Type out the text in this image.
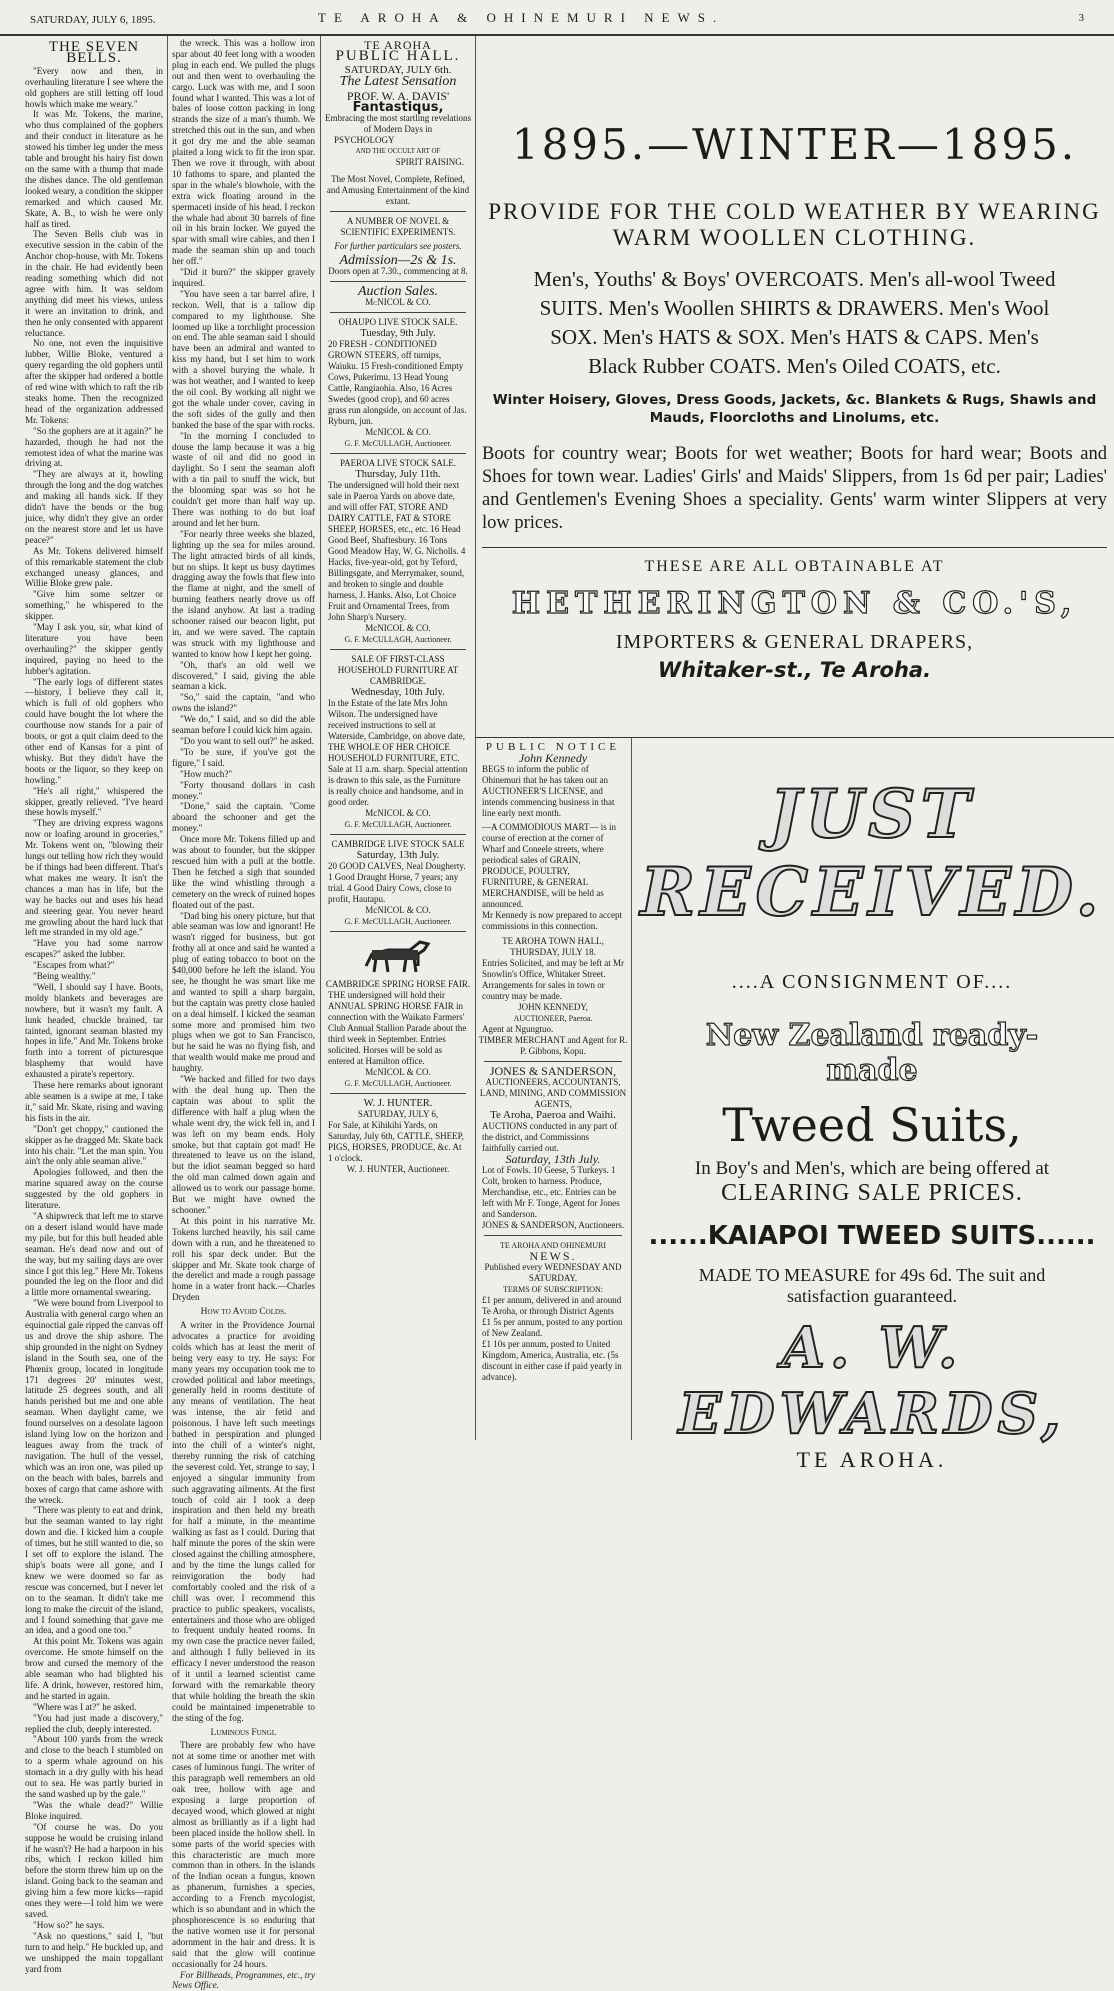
SATURDAY, JULY 6, 1895.	TE AROHA & OHINEMURI NEWS.	3
THE SEVEN BELLS.

"Every now and then, in overhauling literature I see where the old gophers are still letting off loud howls which make me weary."

It was Mr. Tokens, the marine, who thus complained of the gophers and their conduct in literature as he stowed his timber leg under the mess table and brought his hairy fist down on the same with a thump that made the dishes dance. The old gentleman looked weary, a condition the skipper remarked and which caused Mr. Skate, A. B., to wish he were only half as tired.

The Seven Bells club was in executive session in the cabin of the Anchor chop-house, with Mr. Tokens in the chair. He had evidently been reading something which did not agree with him. It was seldom anything did meet his views, unless it were an invitation to drink, and then he only consented with apparent reluctance.

No one, not even the inquisitive lubber, Willie Bloke, ventured a query regarding the old gophers until after the skipper had ordered a bottle of red wine with which to raft the rib steaks home. Then the recognized head of the organization addressed Mr. Tokens:

"So the gophers are at it again?" he hazarded, though he had not the remotest idea of what the marine was driving at.

"They are always at it, howling through the long and the dog watches and making all hands sick. If they didn't have the bends or the bug juice, why didn't they give an order on the nearest store and let us have peace?"

As Mr. Tokens delivered himself of this remarkable statement the club exchanged uneasy glances, and Willie Bloke grew pale.

"Give him some seltzer or something," he whispered to the skipper.

"May I ask you, sir, what kind of literature you have been overhauling?" the skipper gently inquired, paying no heed to the lubber's agitation.

"The early logs of different states—history, I believe they call it, which is full of old gophers who could have bought the lot where the courthouse now stands for a pair of boots, or got a quit claim deed to the other end of Kansas for a pint of whisky. But they didn't have the boots or the liquor, so they keep on howling."

"He's all right," whispered the skipper, greatly relieved. "I've heard these howls myself."

"They are driving express wagons now or loafing around in groceries," Mr. Tokens went on, "blowing their lungs out telling how rich they would be if things had been different. That's what makes me weary. It isn't the chances a man has in life, but the way he backs out and uses his head and steering gear. You never heard me growling about the hard luck that left me stranded in my old age."

"Have you had some narrow escapes?" asked the lubber.

"Escapes from what?"

"Being wealthy."

"Well, I should say I have. Boots, moldy blankets and beverages are nowhere, but it wasn't my fault. A lunk headed, chuckle brained, tar tainted, ignorant seaman blasted my hopes in life." And Mr. Tokens broke forth into a torrent of picturesque blasphemy that would have exhausted a pirate's repertory.

These here remarks about ignorant able seamen is a swipe at me, I take it," said Mr. Skate, rising and waving his fists in the air.

"Don't get choppy," cautioned the skipper as he dragged Mr. Skate back into his chair. "Let the man spin. You ain't the only able seaman alive."

Apologies followed, and then the marine squared away on the course suggested by the old gophers in literature.

"A shipwreck that left me to starve on a desert island would have made my pile, but for this bull headed able seaman. He's dead now and out of the way, but my sailing days are over since I got this leg." Here Mr. Tokens pounded the leg on the floor and did a little more ornamental swearing.

"We were bound from Liverpool to Australia with general cargo when an equinoctial gale ripped the canvas off us and drove the ship ashore. The ship grounded in the night on Sydney island in the South sea, one of the Phœnix group, located in longitude 171 degrees 20' minutes west, latitude 25 degrees south, and all hands perished but me and one able seaman. When daylight came, we found ourselves on a desolate lagoon island lying low on the horizon and leagues away from the track of navigation. The hull of the vessel, which was an iron one, was piled up on the beach with bales, barrels and boxes of cargo that came ashore with the wreck.

"There was plenty to eat and drink, but the seaman wanted to lay right down and die. I kicked him a couple of times, but he still wanted to die, so I set off to explore the island. The ship's boats were all gone, and I knew we were doomed so far as rescue was concerned, but I never let on to the seaman. It didn't take me long to make the circuit of the island, and I found something that gave me an idea, and a good one too."

At this point Mr. Tokens was again overcome. He smote himself on the brow and cursed the memory of the able seaman who had blighted his life. A drink, however, restored him, and he started in again.

"Where was I at?" he asked.

"You had just made a discovery," replied the club, deeply interested.

"About 100 yards from the wreck and close to the beach I stumbled on to a sperm whale aground on his stomach in a dry gully with his head out to sea. He was partly buried in the sand washed up by the gale."

"Was the whale dead?" Willie Bloke inquired.

"Of course he was. Do you suppose he would be cruising inland if he wasn't? He had a harpoon in his ribs, which I reckon killed him before the storm threw him up on the island. Going back to the seaman and giving him a few more kicks—rapid ones they were—I told him we were saved.

"How so?" he says.

"Ask no questions," said I, "but turn to and help." He buckled up, and we unshipped the main topgallant yard from

the wreck. This was a hollow iron spar about 40 feet long with a wooden plug in each end. We pulled the plugs out and then went to overhauling the cargo. Luck was with me, and I soon found what I wanted. This was a lot of bales of loose cotton packing in long strands the size of a man's thumb. We stretched this out in the sun, and when it got dry me and the able seaman plaited a long wick to fit the iron spar. Then we rove it through, with about 10 fathoms to spare, and planted the spar in the whale's blowhole, with the extra wick floating around in the spermaceti inside of his head. I reckon the whale had about 30 barrels of fine oil in his brain locker. We guyed the spar with small wire cables, and then I made the seaman shin up and touch her off."

"Did it burn?" the skipper gravely inquired.

"You have seen a tar barrel afire, I reckon. Well, that is a tallow dip compared to my lighthouse. She loomed up like a torchlight procession on end. The able seaman said I should have been an admiral and wanted to kiss my hand, but I set him to work with a shovel burying the whale. It was hot weather, and I wanted to keep the oil cool. By working all night we got the whale under cover, caving in the soft sides of the gully and then banked the base of the spar with rocks.

"In the morning I concluded to douse the lamp because it was a big waste of oil and did no good in daylight. So I sent the seaman aloft with a tin pail to snuff the wick, but the blooming spar was so hot he couldn't get more than half way up. There was nothing to do but loaf around and let her burn.

"For nearly three weeks she blazed, lighting up the sea for miles around. The light attracted birds of all kinds, but no ships. It kept us busy daytimes dragging away the fowls that flew into the flame at night, and the smell of burning feathers nearly drove us off the island anyhow. At last a trading schooner raised our beacon light, put in, and we were saved. The captain was struck with my lighthouse and wanted to know how I kept her going.

"Oh, that's an old well we discovered," I said, giving the able seaman a kick.

"So," said the captain, "and who owns the island?"

"We do," I said, and so did the able seaman before I could kick him again.

"Do you want to sell out?" he asked.

"To be sure, if you've got the figure," I said.

"How much?"

"Forty thousand dollars in cash money."

"Done," said the captain. "Come aboard the schooner and get the money."

Once more Mr. Tokens filled up and was about to founder, but the skipper rescued him with a pull at the bottle. Then he fetched a sigh that sounded like the wind whistling through a cemetery on the wreck of ruined hopes floated out of the past.

"Dad bing his onery picture, but that able seaman was low and ignorant! He wasn't rigged for business, but got frothy all at once and said he wanted a plug of eating tobacco to boot on the $40,000 before he left the island. You see, he thought he was smart like me and wanted to spill a sharp bargain, but the captain was pretty close hauled on a deal himself. I kicked the seaman some more and promised him two plugs when we got to San Francisco, but he said he was no flying fish, and that wealth would make me proud and haughty.

"We backed and filled for two days with the deal hung up. Then the captain was about to split the difference with half a plug when the whale went dry, the wick fell in, and I was left on my beam ends. Holy smoke, but that captain got mad! He threatened to leave us on the island, but the idiot seaman begged so hard the old man calmed down again and allowed us to work our passage home. But we might have owned the schooner."

At this point in his narrative Mr. Tokens lurched heavily, his sail came down with a run, and he threatened to roll his spar deck under. But the skipper and Mr. Skate took charge of the derelict and made a rough passage home in a water front hack.—Charles Dryden

How to Avoid Colds.

A writer in the Providence Journal advocates a practice for avoiding colds which has at least the merit of being very easy to try. He says: For many years my occupation took me to crowded political and labor meetings, generally held in rooms destitute of any means of ventilation. The heat was intense, the air fetid and poisonous. I have left such meetings bathed in perspiration and plunged into the chill of a winter's night, thereby running the risk of catching the severest cold. Yet, strange to say, I enjoyed a singular immunity from such aggravating ailments. At the first touch of cold air I took a deep inspiration and then held my breath for half a minute, in the meantime walking as fast as I could. During that half minute the pores of the skin were closed against the chilling atmosphere, and by the time the lungs called for reinvigoration the body had comfortably cooled and the risk of a chill was over. I recommend this practice to public speakers, vocalists, entertainers and those who are obliged to frequent unduly heated rooms. In my own case the practice never failed, and although I fully believed in its efficacy I never understood the reason of it until a learned scientist came forward with the remarkable theory that while holding the breath the skin could be maintained impenetrable to the sting of the fog.

Luminous Fungi.

There are probably few who have not at some time or another met with cases of luminous fungi. The writer of this paragraph well remembers an old oak tree, hollow with age and exposing a large proportion of decayed wood, which glowed at night almost as brilliantly as if a light had been placed inside the hollow shell. In some parts of the world species with this characteristic are much more common than in others. In the islands of the Indian ocean a fungus, known as phanerum, furnishes a species, according to a French mycologist, which is so abundant and in which the phosphorescence is so enduring that the native women use it for personal adornment in the hair and dress. It is said that the glow will continue occasionally for 24 hours.

For Billheads, Programmes, etc., try News Office.

TE AROHA
PUBLIC HALL.
SATURDAY, JULY 6th.
The Latest Sensation
PROF. W. A. DAVIS'
Fantastiqus,
Embracing the most startling revelations of Modern Days in
PSYCHOLOGY
AND THE OCCULT ART OF
SPIRIT RAISING.
The Most Novel, Complete, Refined, and Amusing Entertainment of the kind extant.
A NUMBER OF NOVEL & SCIENTIFIC EXPERIMENTS.
For further particulars see posters.
Admission—2s & 1s.
Doors open at 7.30., commencing at 8.
Auction Sales.
McNICOL & CO.
OHAUPO LIVE STOCK SALE.
Tuesday, 9th July.
20 FRESH - CONDITIONED GROWN STEERS, off turnips, Waiuku. 15 Fresh-conditioned Empty Cows, Pukerimu. 13 Head Young Cattle, Rangiaohia. Also, 16 Acres Swedes (good crop), and 60 acres grass run alongside, on account of Jas. Ryburn, jun.
McNICOL & CO.
G. F. McCULLAGH, Auctioneer.
PAEROA LIVE STOCK SALE.
Thursday, July 11th.
The undersigned will hold their next sale in Paeroa Yards on above date, and will offer FAT, STORE AND DAIRY CATTLE, FAT & STORE SHEEP, HORSES, etc., etc. 16 Head Good Beef, Shaftesbury. 16 Tons Good Meadow Hay, W. G. Nicholls. 4 Hacks, five-year-old, got by Teford, Billingsgate, and Merrymaker, sound, and broken to single and double harness, J. Hanks. Also, Lot Choice Fruit and Ornamental Trees, from John Sharp's Nursery.
McNICOL & CO.
G. F. McCULLAGH, Auctioneer.
SALE OF FIRST-CLASS HOUSEHOLD FURNITURE AT CAMBRIDGE.
Wednesday, 10th July.
In the Estate of the late Mrs John Wilson. The undersigned have received instructions to sell at Waterside, Cambridge, on above date, THE WHOLE OF HER CHOICE HOUSEHOLD FURNITURE, ETC. Sale at 11 a.m. sharp. Special attention is drawn to this sale, as the Furniture is really choice and handsome, and in good order.
McNICOL & CO.
G. F. McCULLAGH, Auctioneer.
CAMBRIDGE LIVE STOCK SALE
Saturday, 13th July.
20 GOOD CALVES, Neal Dougherty. 1 Good Draught Horse, 7 years; any trial. 4 Good Dairy Cows, close to profit, Hautapu.
McNICOL & CO.
G. F. McCULLAGH, Auctioneer.
CAMBRIDGE SPRING HORSE FAIR.
THE undersigned will hold their ANNUAL SPRING HORSE FAIR in connection with the Waikato Farmers' Club Annual Stallion Parade about the third week in September. Entries solicited. Horses will be sold as entered at Hamilton office.
McNICOL & CO.
G. F. McCULLAGH, Auctioneer.
W. J. HUNTER.
SATURDAY, JULY 6,
For Sale, at Kihikihi Yards, on Saturday, July 6th, CATTLE, SHEEP, PIGS, HORSES, PRODUCE, &c. At 1 o'clock.
W. J. HUNTER, Auctioneer.
1895.—WINTER—1895.
PROVIDE FOR THE COLD WEATHER BY WEARING
WARM WOOLLEN CLOTHING.
Men's, Youths' & Boys' OVERCOATS. Men's all-wool Tweed
SUITS. Men's Woollen SHIRTS & DRAWERS. Men's Wool
SOX. Men's HATS & SOX. Men's HATS & CAPS. Men's
Black Rubber COATS. Men's Oiled COATS, etc.
Winter Hoisery, Gloves, Dress Goods, Jackets, &c. Blankets & Rugs, Shawls and
Mauds, Floorcloths and Linolums, etc.
Boots for country wear; Boots for wet weather; Boots for hard wear; Boots and Shoes for town wear. Ladies' Girls' and Maids' Slippers, from 1s 6d per pair; Ladies' and Gentlemen's Evening Shoes a speciality. Gents' warm winter Slippers at very low prices.
THESE ARE ALL OBTAINABLE AT
HETHERINGTON & CO.'S,
IMPORTERS & GENERAL DRAPERS,
Whitaker-st., Te Aroha.
PUBLIC NOTICE
John Kennedy
BEGS to inform the public of Ohinemuri that he has taken out an AUCTIONEER'S LICENSE, and intends commencing business in that line early next month.
—A COMMODIOUS MART— is in course of erection at the corner of Wharf and Coneele streets, where periodical sales of GRAIN, PRODUCE, POULTRY, FURNITURE, & GENERAL MERCHANDISE, will be held as announced.
Mr Kennedy is now prepared to accept commissions in this connection.
TE AROHA TOWN HALL,
THURSDAY, JULY 18.
Entries Solicited, and may be left at Mr Snowlin's Office, Whitaker Street.
Arrangements for sales in town or country may be made.
JOHN KENNEDY,
AUCTIONEER, Paeroa.
Agent at Ngungtuo.
TIMBER MERCHANT and Agent for R. P. Gibbons, Kopu.
JONES & SANDERSON,
AUCTIONEERS, ACCOUNTANTS, LAND, MINING, AND COMMISSION AGENTS,
Te Aroha, Paeroa and Waihi.
AUCTIONS conducted in any part of the district, and Commissions faithfully carried out.
Saturday, 13th July.
Lot of Fowls. 10 Geese, 5 Turkeys. 1 Colt, broken to harness. Produce, Merchandise, etc., etc. Entries can be left with Mr F. Tonge, Agent for Jones and Sanderson.
JONES & SANDERSON, Auctioneers.
TE AROHA AND OHINEMURI
NEWS.
Published every WEDNESDAY AND SATURDAY.
TERMS OF SUBSCRIPTION:
£1 per annum, delivered in and around Te Aroha, or through District Agents
£1 5s per annum, posted to any portion of New Zealand.
£1 10s per annum, posted to United Kingdom, America, Australia, etc. (5s discount in either case if paid yearly in advance).
JUST RECEIVED.
....A CONSIGNMENT OF....
New Zealand ready-
made
Tweed Suits,
In Boy's and Men's, which are being offered at
CLEARING SALE PRICES.
......KAIAPOI TWEED SUITS......
MADE TO MEASURE for 49s 6d. The suit and
satisfaction guaranteed.
A. W. EDWARDS,
TE AROHA.
